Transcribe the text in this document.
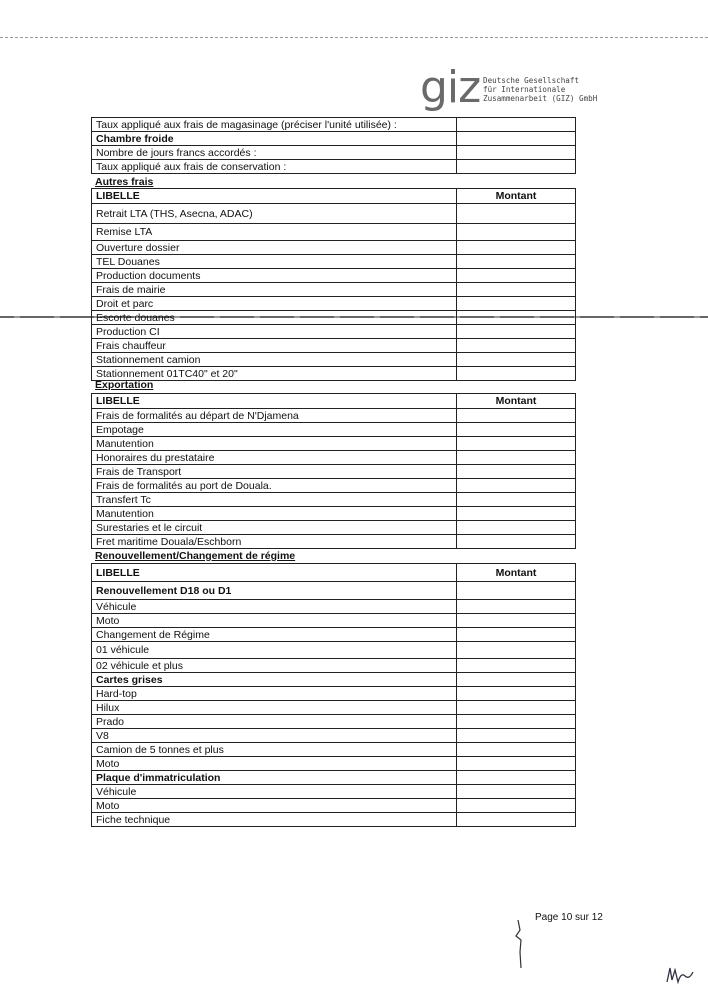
giz Deutsche Gesellschaft
für Internationale
Zusammenarbeit (GIZ) GmbH
Taux appliqué aux frais de magasinage (préciser l'unité utilisée) :	
Chambre froide	
Nombre de jours francs accordés :	
Taux appliqué aux frais de conservation :	
Autres frais
LIBELLE	Montant
Retrait LTA (THS, Asecna, ADAC)	
Remise LTA	
Ouverture dossier	
TEL Douanes	
Production documents	
Frais de mairie	
Droit et parc	
Escorte douanes	
Production CI	
Frais chauffeur	
Stationnement camion	
Stationnement 01TC40" et 20"	
Exportation
LIBELLE	Montant
Frais de formalités au départ de N'Djamena	
Empotage	
Manutention	
Honoraires du prestataire	
Frais de Transport	
Frais de formalités au port de Douala.	
Transfert Tc	
Manutention	
Surestaries et le circuit	
Fret maritime Douala/Eschborn	
Renouvellement/Changement de régime
LIBELLE	Montant
Renouvellement D18 ou D1	
Véhicule	
Moto	
Changement de Régime	
01 véhicule	
02 véhicule et plus	
Cartes grises	
Hard-top	
Hilux	
Prado	
V8	
Camion de 5 tonnes et plus	
Moto	
Plaque d'immatriculation	
Véhicule	
Moto	
Fiche technique	
Page 10 sur 12
